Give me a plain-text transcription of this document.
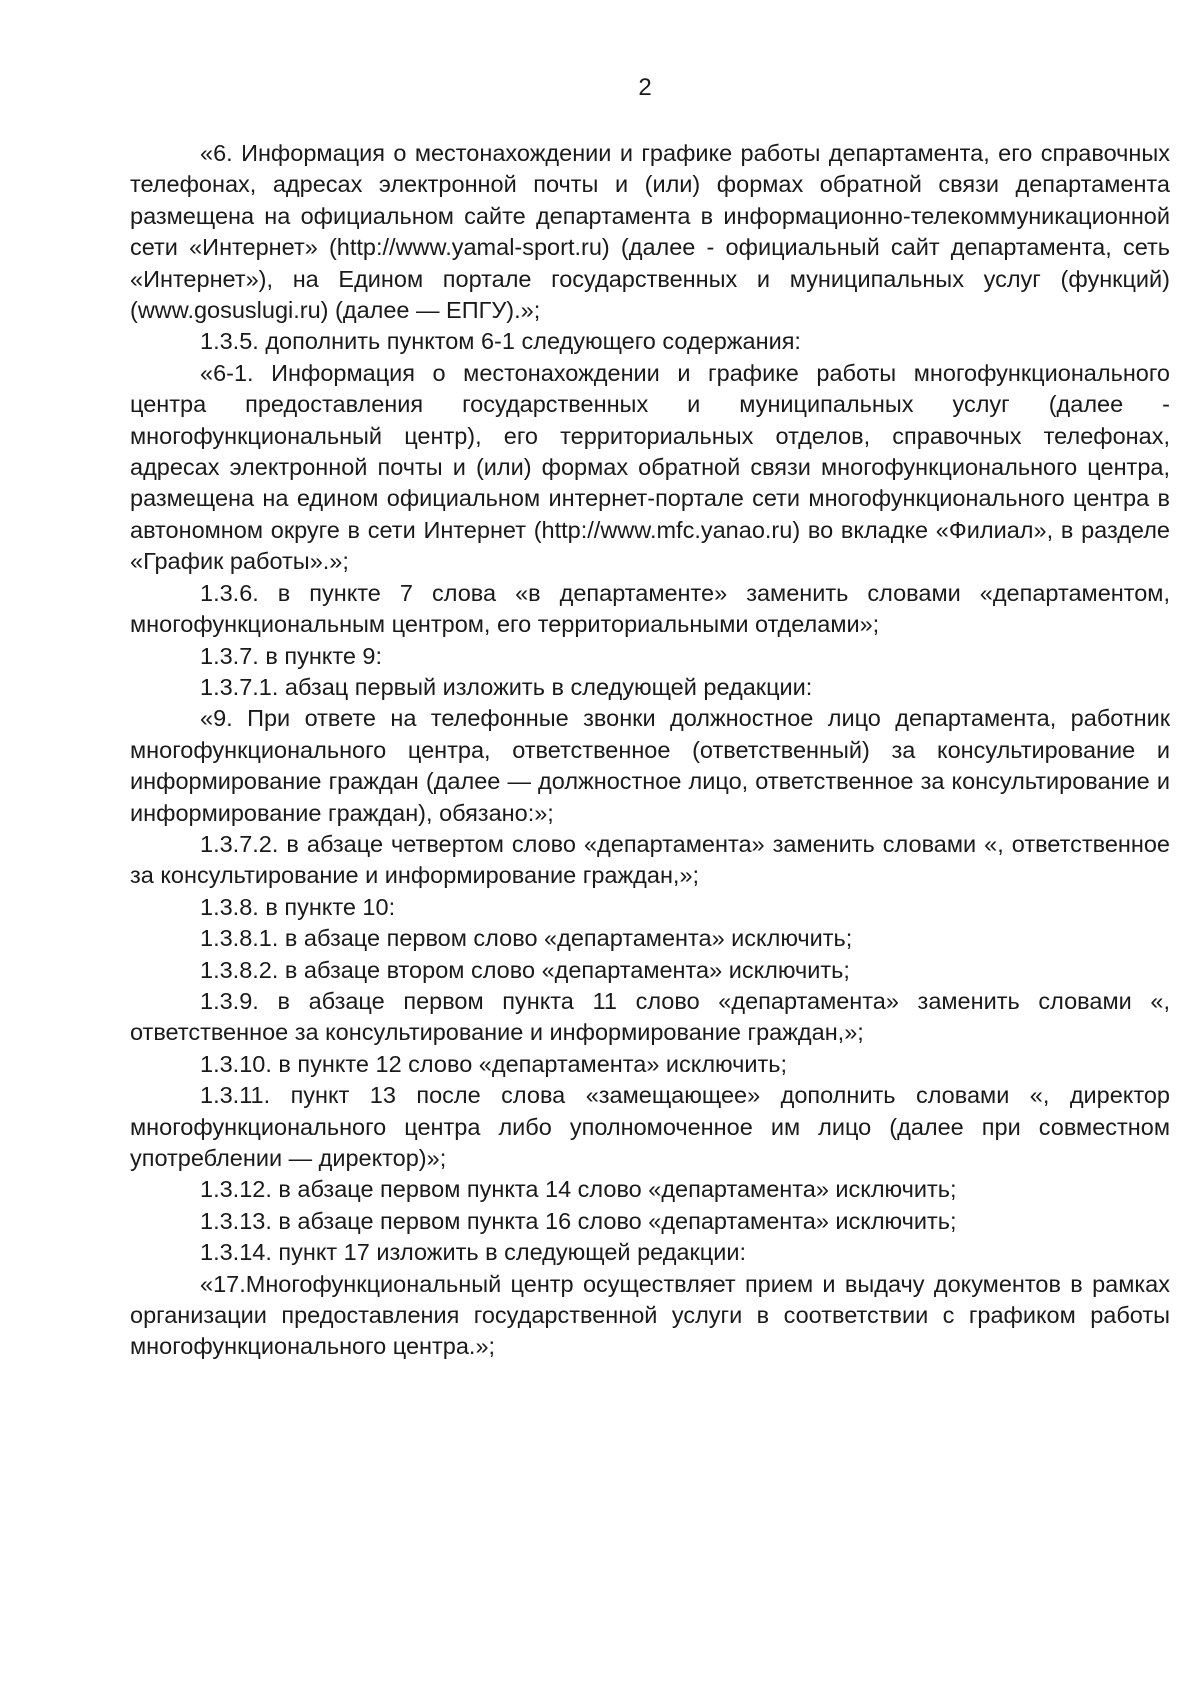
2

«6. Информация о местонахождении и графике работы департамента, его справочных телефонах, адресах электронной почты и (или) формах обратной связи департамента размещена на официальном сайте департамента в информационно-телекоммуникационной сети «Интернет» (http://www.yamal-sport.ru) (далее - официальный сайт департамента, сеть «Интернет»), на Едином портале государственных и муниципальных услуг (функций) (www.gosuslugi.ru) (далее — ЕПГУ).»;

1.3.5. дополнить пунктом 6-1 следующего содержания:

«6-1. Информация о местонахождении и графике работы многофункционального центра предоставления государственных и муниципальных услуг (далее - многофункциональный центр), его территориальных отделов, справочных телефонах, адресах электронной почты и (или) формах обратной связи многофункционального центра, размещена на едином официальном интернет-портале сети многофункционального центра в автономном округе в сети Интернет (http://www.mfc.yanao.ru) во вкладке «Филиал», в разделе «График работы».»;

1.3.6. в пункте 7 слова «в департаменте» заменить словами «департаментом, многофункциональным центром, его территориальными отделами»;

1.3.7. в пункте 9:

1.3.7.1. абзац первый изложить в следующей редакции:

«9. При ответе на телефонные звонки должностное лицо департамента, работник многофункционального центра, ответственное (ответственный) за консультирование и информирование граждан (далее — должностное лицо, ответственное за консультирование и информирование граждан), обязано:»;

1.3.7.2. в абзаце четвертом слово «департамента» заменить словами «, ответственное за консультирование и информирование граждан,»;

1.3.8. в пункте 10:

1.3.8.1. в абзаце первом слово «департамента» исключить;

1.3.8.2. в абзаце втором слово «департамента» исключить;

1.3.9. в абзаце первом пункта 11 слово «департамента» заменить словами «, ответственное за консультирование и информирование граждан,»;

1.3.10. в пункте 12 слово «департамента» исключить;

1.3.11. пункт 13 после слова «замещающее» дополнить словами «, директор многофункционального центра либо уполномоченное им лицо (далее при совместном употреблении — директор)»;

1.3.12. в абзаце первом пункта 14 слово «департамента» исключить;

1.3.13. в абзаце первом пункта 16 слово «департамента» исключить;

1.3.14. пункт 17 изложить в следующей редакции:

«17.Многофункциональный центр осуществляет прием и выдачу документов в рамках организации предоставления государственной услуги в соответствии с графиком работы многофункционального центра.»;
